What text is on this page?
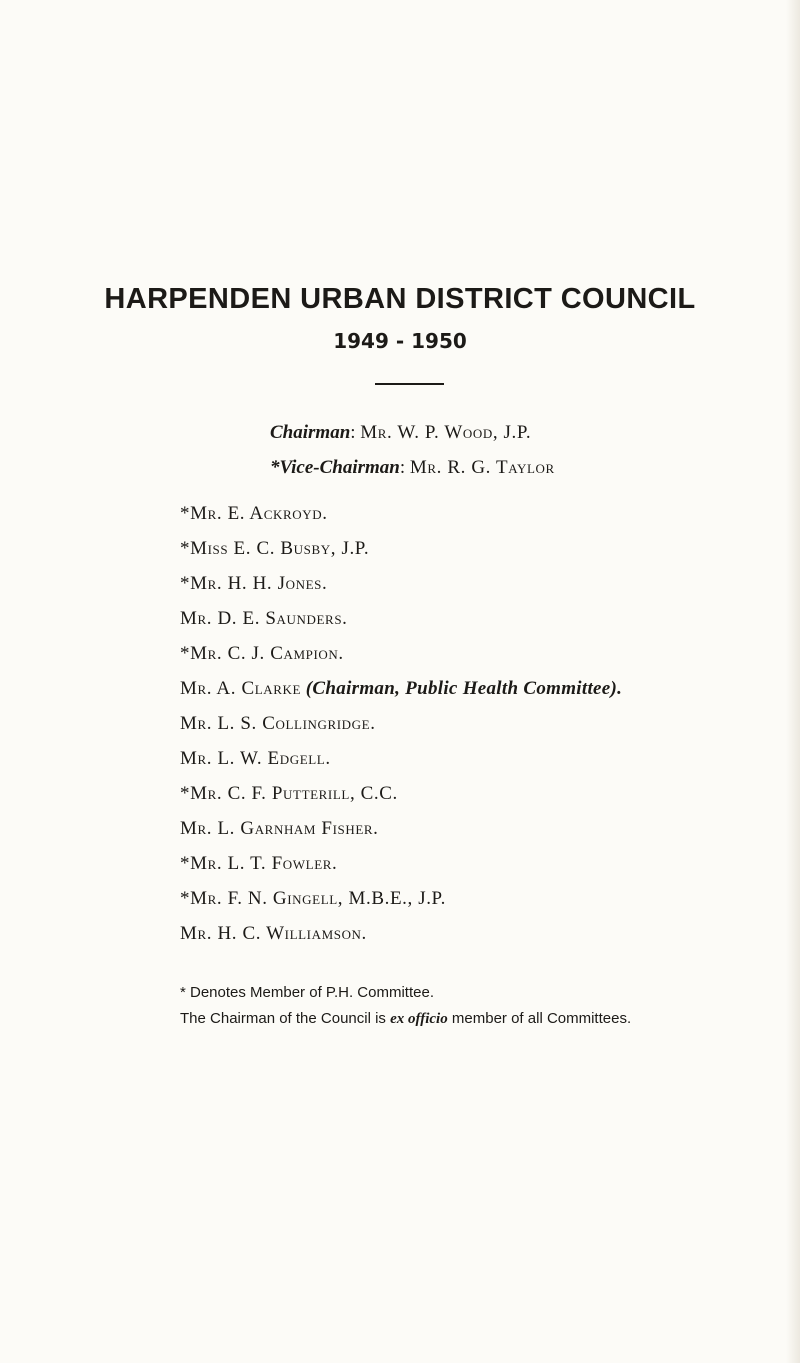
HARPENDEN URBAN DISTRICT COUNCIL
1949 - 1950
Chairman: Mr. W. P. Wood, J.P.
*Vice-Chairman: Mr. R. G. Taylor
*Mr. E. Ackroyd.
*Miss E. C. Busby, J.P.
*Mr. H. H. Jones.
Mr. D. E. Saunders.
*Mr. C. J. Campion.
Mr. A. Clarke (Chairman, Public Health Committee).
Mr. L. S. Collingridge.
Mr. L. W. Edgell.
*Mr. C. F. Putterill, C.C.
Mr. L. Garnham Fisher.
*Mr. L. T. Fowler.
*Mr. F. N. Gingell, M.B.E., J.P.
Mr. H. C. Williamson.
* Denotes Member of P.H. Committee.
The Chairman of the Council is ex officio member of all Committees.
